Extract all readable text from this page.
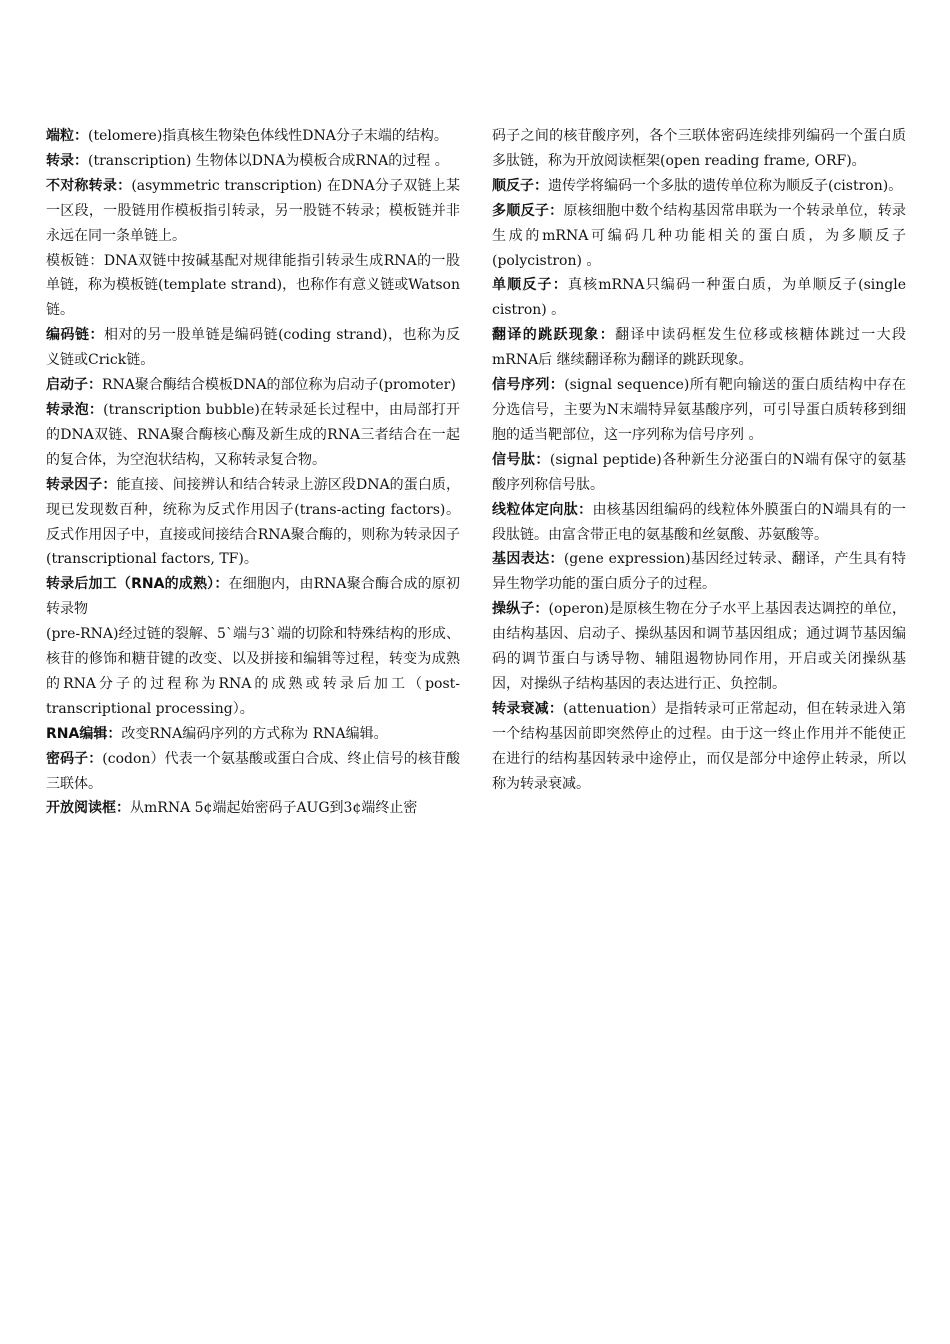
端粒：(telomere)指真核生物染色体线性DNA分子末端的结构。

转录：(transcription) 生物体以DNA为模板合成RNA的过程 。

不对称转录：(asymmetric transcription) 在DNA分子双链上某一区段，一股链用作模板指引转录，另一股链不转录；模板链并非永远在同一条单链上。

模板链：DNA双链中按碱基配对规律能指引转录生成RNA的一股单链，称为模板链(template strand)，也称作有意义链或Watson链。

编码链：相对的另一股单链是编码链(coding strand)，也称为反义链或Crick链。

启动子：RNA聚合酶结合模板DNA的部位称为启动子(promoter)

转录泡：(transcription bubble)在转录延长过程中，由局部打开的DNA双链、RNA聚合酶核心酶及新生成的RNA三者结合在一起的复合体，为空泡状结构，又称转录复合物。

转录因子：能直接、间接辨认和结合转录上游区段DNA的蛋白质，现已发现数百种，统称为反式作用因子(trans-acting factors)。反式作用因子中，直接或间接结合RNA聚合酶的，则称为转录因子(transcriptional factors, TF)。

转录后加工（RNA的成熟）：在细胞内，由RNA聚合酶合成的原初转录物

(pre-RNA)经过链的裂解、5`端与3`端的切除和特殊结构的形成、核苷的修饰和糖苷键的改变、以及拼接和编辑等过程，转变为成熟的RNA分子的过程称为RNA的成熟或转录后加工（post-transcriptional processing）。

RNA编辑：改变RNA编码序列的方式称为 RNA编辑。

密码子：(codon）代表一个氨基酸或蛋白合成、终止信号的核苷酸三联体。

开放阅读框：从mRNA 5¢端起始密码子AUG到3¢端终止密

码子之间的核苷酸序列，各个三联体密码连续排列编码一个蛋白质多肽链，称为开放阅读框架(open reading frame, ORF)。

顺反子：遗传学将编码一个多肽的遗传单位称为顺反子(cistron)。

多顺反子：原核细胞中数个结构基因常串联为一个转录单位，转录生成的mRNA可编码几种功能相关的蛋白质，为多顺反子(polycistron) 。

单顺反子：真核mRNA只编码一种蛋白质，为单顺反子(single cistron) 。

翻译的跳跃现象：翻译中读码框发生位移或核糖体跳过一大段mRNA后 继续翻译称为翻译的跳跃现象。

信号序列：(signal sequence)所有靶向输送的蛋白质结构中存在分选信号，主要为N末端特异氨基酸序列，可引导蛋白质转移到细胞的适当靶部位，这一序列称为信号序列 。

信号肽：(signal peptide)各种新生分泌蛋白的N端有保守的氨基酸序列称信号肽。

线粒体定向肽：由核基因组编码的线粒体外膜蛋白的N端具有的一段肽链。由富含带正电的氨基酸和丝氨酸、苏氨酸等。

基因表达：(gene expression)基因经过转录、翻译，产生具有特异生物学功能的蛋白质分子的过程。

操纵子：(operon)是原核生物在分子水平上基因表达调控的单位，由结构基因、启动子、操纵基因和调节基因组成；通过调节基因编码的调节蛋白与诱导物、辅阻遏物协同作用，开启或关闭操纵基因，对操纵子结构基因的表达进行正、负控制。

转录衰减：(attenuation）是指转录可正常起动，但在转录进入第一个结构基因前即突然停止的过程。由于这一终止作用并不能使正在进行的结构基因转录中途停止，而仅是部分中途停止转录，所以称为转录衰减。
